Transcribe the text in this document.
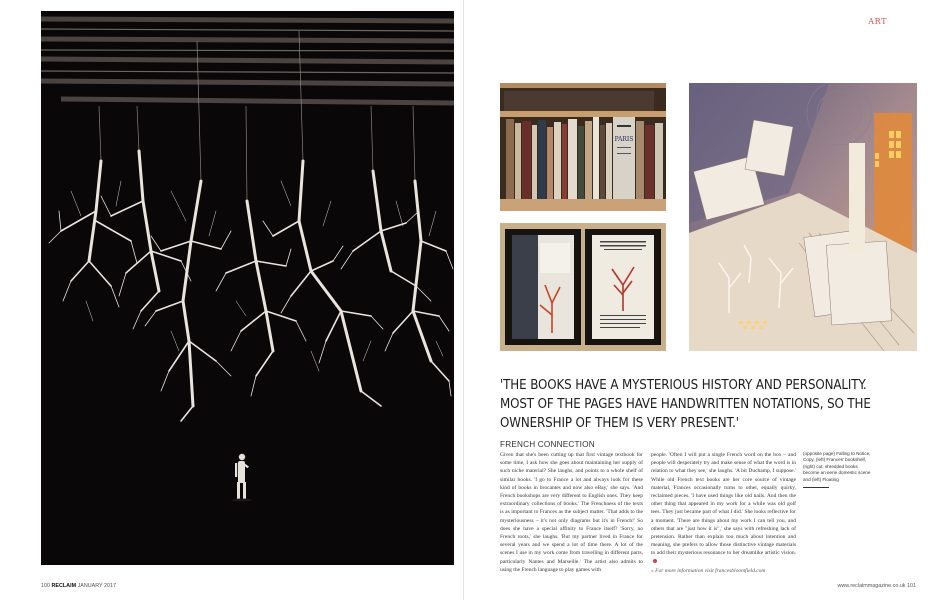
ART
PARIS
'THE BOOKS HAVE A MYSTERIOUS HISTORY AND PERSONALITY. MOST OF THE PAGES HAVE HANDWRITTEN NOTATIONS, SO THE OWNERSHIP OF THEM IS VERY PRESENT.'
FRENCH CONNECTION
Given that she's been cutting up that first vintage textbook for some time, I ask how she goes about maintaining her supply of such niche material? She laughs, and points to a whole shelf of similar books. 'I go to France a lot and always look for these kind of books in brocantes and now also eBay,' she says. 'And French bookshops are very different to English ones. They keep extraordinary collections of books.' The Frenchness of the texts is as important to Frances as the subject matter. 'That adds to the mysteriousness – it's not only diagrams but it's in French!' So does she have a special affinity to France itself? 'Sorry, no French roots,' she laughs. 'But my partner lived in France for several years and we spend a lot of time there. A lot of the scenes I use in my work come from travelling in different parts, particularly Nantes and Marseille.' The artist also admits to using the French language to play games with
people. 'Often I will put a single French word on the box – and people will desperately try and make sense of what the word is in relation to what they see,' she laughs. 'A bit Duchamp, I suppose.' While old French text books are her core source of vintage material, Frances occasionally turns to other, equally quirky, reclaimed pieces. 'I have used things like old nails. And then the other thing that appeared in my work for a while was old golf tees. They just became part of what I did.' She looks reflective for a moment. 'There are things about my work I can tell you, and others that are "just how it is",' she says with refreshing lack of pretension. Rather than explain too much about intention and meaning, she prefers to allow those distinctive vintage materials to add their mysterious resonance to her dreamlike artistic vision.
» For more information visit francesbloomfield.com
(opposite page) Falling to Notice, Copy, (left) Frances' bookshelf, (right) cut, shredded books become an eerie domestic scene and (left) Floating
100 RECLAIM JANUARY 2017	www.reclaimmagazine.co.uk 101
